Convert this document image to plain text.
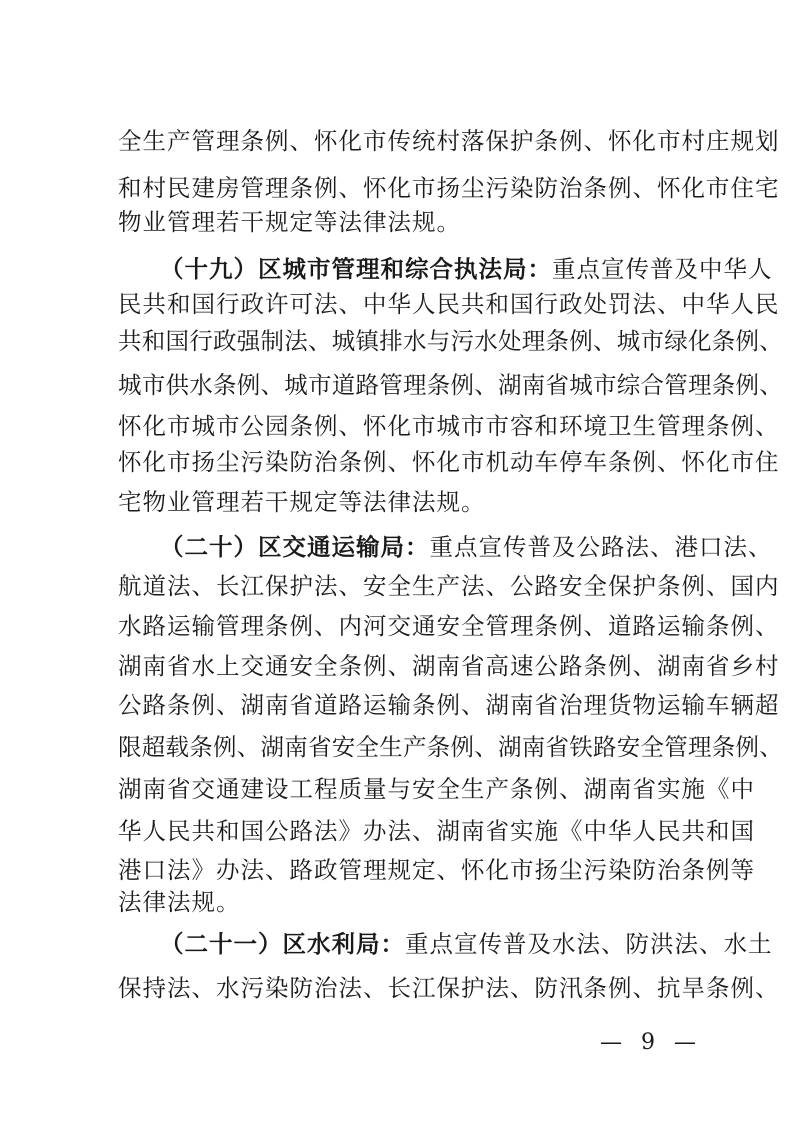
全生产管理条例、怀化市传统村落保护条例、怀化市村庄规划
和村民建房管理条例、怀化市扬尘污染防治条例、怀化市住宅
物业管理若干规定等法律法规。
（十九）区城市管理和综合执法局：重点宣传普及中华人
民共和国行政许可法、中华人民共和国行政处罚法、中华人民
共和国行政强制法、城镇排水与污水处理条例、城市绿化条例、
城市供水条例、城市道路管理条例、湖南省城市综合管理条例、
怀化市城市公园条例、怀化市城市市容和环境卫生管理条例、
怀化市扬尘污染防治条例、怀化市机动车停车条例、怀化市住
宅物业管理若干规定等法律法规。
（二十）区交通运输局：重点宣传普及公路法、港口法、
航道法、长江保护法、安全生产法、公路安全保护条例、国内
水路运输管理条例、内河交通安全管理条例、道路运输条例、
湖南省水上交通安全条例、湖南省高速公路条例、湖南省乡村
公路条例、湖南省道路运输条例、湖南省治理货物运输车辆超
限超载条例、湖南省安全生产条例、湖南省铁路安全管理条例、
湖南省交通建设工程质量与安全生产条例、湖南省实施《中
华人民共和国公路法》办法、湖南省实施《中华人民共和国
港口法》办法、路政管理规定、怀化市扬尘污染防治条例等
法律法规。
（二十一）区水利局：重点宣传普及水法、防洪法、水土
保持法、水污染防治法、长江保护法、防汛条例、抗旱条例、
— 9 —
